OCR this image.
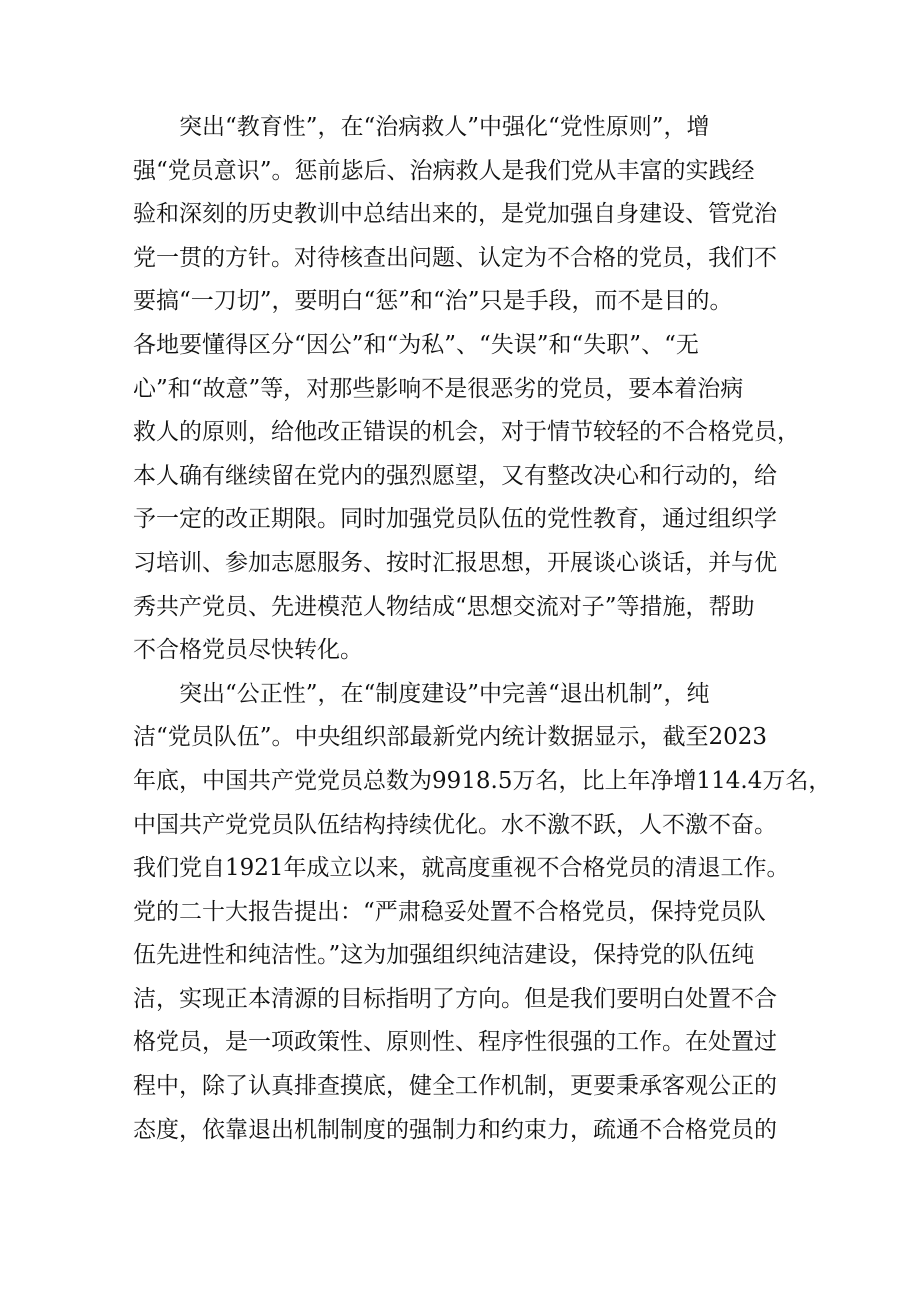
　　突出“教育性”，在“治病救人”中强化“党性原则”，增
强“党员意识”。惩前毖后、治病救人是我们党从丰富的实践经
验和深刻的历史教训中总结出来的，是党加强自身建设、管党治
党一贯的方针。对待核查出问题、认定为不合格的党员，我们不
要搞“一刀切”，要明白“惩”和“治”只是手段，而不是目的。
各地要懂得区分“因公”和“为私”、“失误”和“失职”、“无
心”和“故意”等，对那些影响不是很恶劣的党员，要本着治病
救人的原则，给他改正错误的机会，对于情节较轻的不合格党员，
本人确有继续留在党内的强烈愿望，又有整改决心和行动的，给
予一定的改正期限。同时加强党员队伍的党性教育，通过组织学
习培训、参加志愿服务、按时汇报思想，开展谈心谈话，并与优
秀共产党员、先进模范人物结成“思想交流对子”等措施，帮助
不合格党员尽快转化。
　　突出“公正性”，在“制度建设”中完善“退出机制”，纯
洁“党员队伍”。中央组织部最新党内统计数据显示，截至2023
年底，中国共产党党员总数为9918.5万名，比上年净增114.4万名，
中国共产党党员队伍结构持续优化。水不激不跃，人不激不奋。
我们党自1921年成立以来，就高度重视不合格党员的清退工作。
党的二十大报告提出：“严肃稳妥处置不合格党员，保持党员队
伍先进性和纯洁性。”这为加强组织纯洁建设，保持党的队伍纯
洁，实现正本清源的目标指明了方向。但是我们要明白处置不合
格党员，是一项政策性、原则性、程序性很强的工作。在处置过
程中，除了认真排查摸底，健全工作机制，更要秉承客观公正的
态度，依靠退出机制制度的强制力和约束力，疏通不合格党员的
